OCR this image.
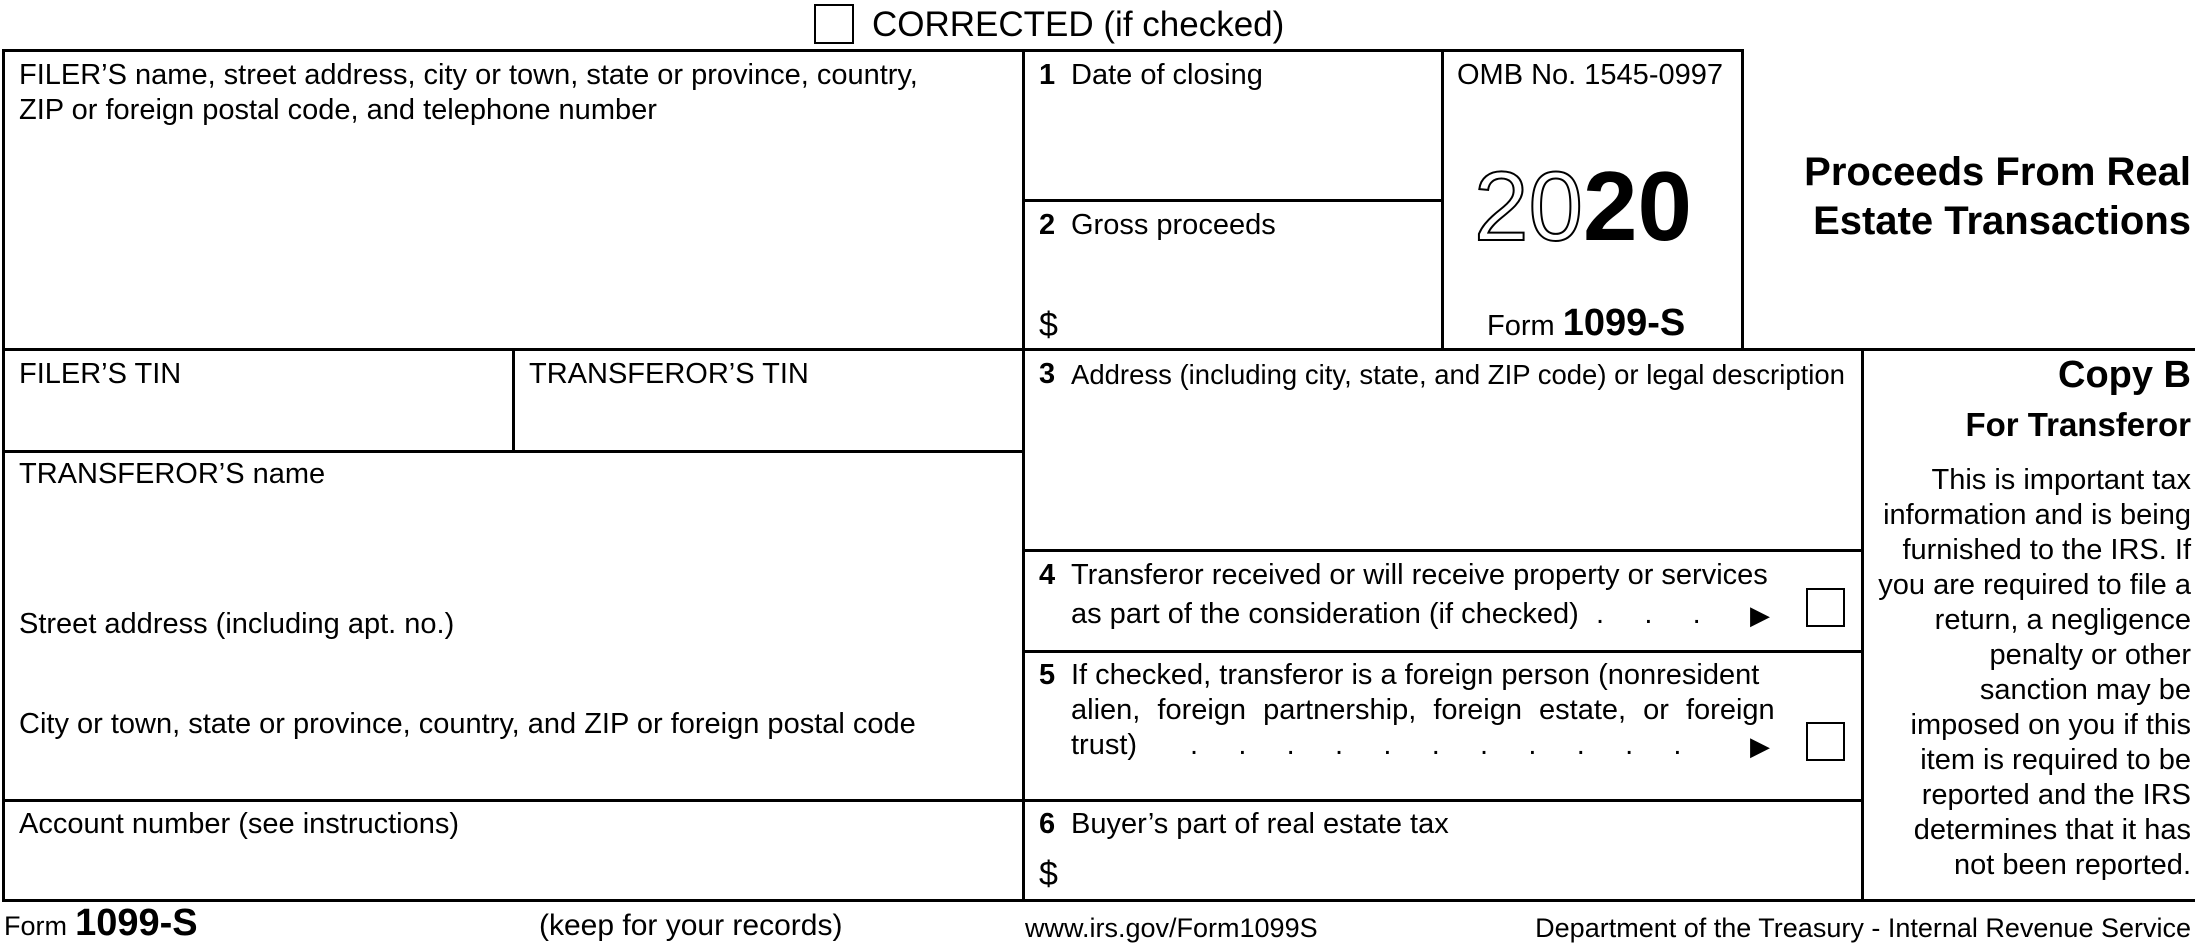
CORRECTED (if checked)
FILER’S name, street address, city or town, state or province, country,
ZIP or foreign postal code, and telephone number
1 Date of closing
2 Gross proceeds
$
OMB No. 1545-0997
2020
Form 1099-S
Proceeds From Real
Estate Transactions
FILER’S TIN	TRANSFEROR’S TIN	3 Address (including city, state, and ZIP code) or legal description
TRANSFEROR’S name
Street address (including apt. no.)
City or town, state or province, country, and ZIP or foreign postal code
4 Transferor received or will receive property or services
as part of the consideration (if checked) .     .     . ▶
5 If checked, transferor is a foreign person (nonresident
alien, foreign partnership, foreign estate, or foreign
trust) .     .     .     .     .     .     .     .     .     .     .	▶
Account number (see instructions)	6 Buyer’s part of real estate tax
$
Copy B
For Transferor

This is important tax

information and is being

furnished to the IRS. If

you are required to file a

return, a negligence

penalty or other

sanction may be

imposed on you if this

item is required to be

reported and the IRS

determines that it has

not been reported.

Form 1099-S	(keep for your records)	www.irs.gov/Form1099S	Department of the Treasury - Internal Revenue Service
